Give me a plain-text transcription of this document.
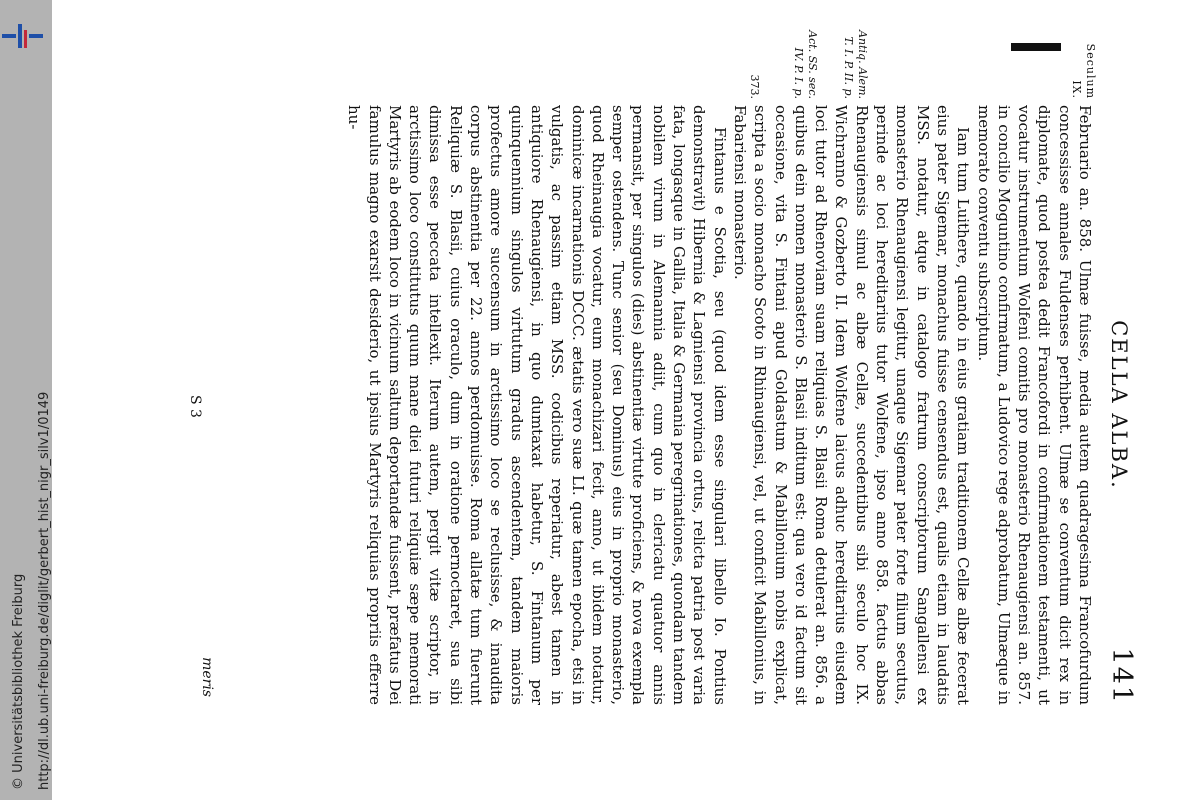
http://dl.ub.uni-freiburg.de/diglit/gerbert_hist_nigr_silv1/0149
© Universitätsbibliothek Freiburg
CELLA ALBA.
141
Seculum IX.
Antiq. Alem. T. I. P. II. p.
Act. SS. sec. IV. P. I. p.
373.

Februario an. 858. Ulmæ fuisse, media autem quadragesima Francofurdum concessisse annales Fuldenses perhibent. Ulmæ se conventum dicit rex in diplomate, quod postea dedit Francofordi in confirmationem testamenti, ut vocatur instrumentum Wolfeni comitis pro monasterio Rhenaugiensi an. 857. in concilio Moguntino confirmatum, a Ludovico rege adprobatum, Ulmæque in memorato conventu subscriptum.

Iam tum Luithere, quando in eius gratiam traditionem Cellæ albæ fecerat eius pater Sigemar, monachus fuisse censendus est, qualis etiam in laudatis MSS. notatur, atque in catalogo fratrum conscriptorum Sangallensi ex monasterio Rhenaugiensi legitur, unaque Sigemar pater forte filium secutus, perinde ac loci hereditarius tutor Wolfene, ipso anno 858. factus abbas Rhenaugiensis simul ac albæ Cellæ, succedentibus sibi seculo hoc IX. Wichranno & Gozberto II. Idem Wolfene laicus adhuc hereditarius eiusdem loci tutor ad Rhenoviam suam reliquias S. Blasii Roma detulerat an. 856. a quibus dein nomen monasterio S. Blasii inditum est: qua vero id factum sit occasione, vita S. Fintani apud Goldastum & Mabillonium nobis explicat, scripta a socio monacho Scoto in Rhinaugiensi, vel, ut conficit Mabillonius, in Fabariensi monasterio.

Fintanus e Scotia, seu (quod idem esse singulari libello Io. Pontius demonstravit) Hibernia & Lagniensi provincia ortus, relicta patria post varia fata, longasque in Gallia, Italia & Germania peregrinationes, quondam tandem nobilem virum in Alemannia adiit, cum quo in clericatu quatuor annis permansit, per singulos (dies) abstinentiæ virtute proficiens, & nova exempla semper ostendens. Tunc senior (seu Dominus) eius in proprio monasterio, quod Rheinaugia vocatur, eum monachizari fecit, anno, ut ibidem notatur, dominicæ incarnationis DCCC. ætatis vero suæ LI. quæ tamen epocha, etsi in vulgatis, ac passim etiam MSS. codicibus reperiatur, abest tamen in antiquiore Rhenaugiensi, in quo dumtaxat habetur, S. Fintanum per quinquennium singulos virtutum gradus ascendentem, tandem maioris profectus amore succensum in arctissimo loco se reclusisse, & inaudita corpus abstinentia per 22. annos perdomuisse. Roma allatæ tum fuerunt Reliquiæ S. Blasii, cuius oraculo, dum in oratione pernoctaret, sua sibi dimissa esse peccata intellexit. Iterum autem, pergit vitæ scriptor, in arctissimo loco constitutus quum mane diei futuri reliquiæ sæpe memorati Martyris ab eodem loco in vicinum saltum deportandæ fuissent, præfatus Dei famulus magno exarsit desiderio, ut ipsius Martyris reliquias propriis efferre hu-

S 3
meris
